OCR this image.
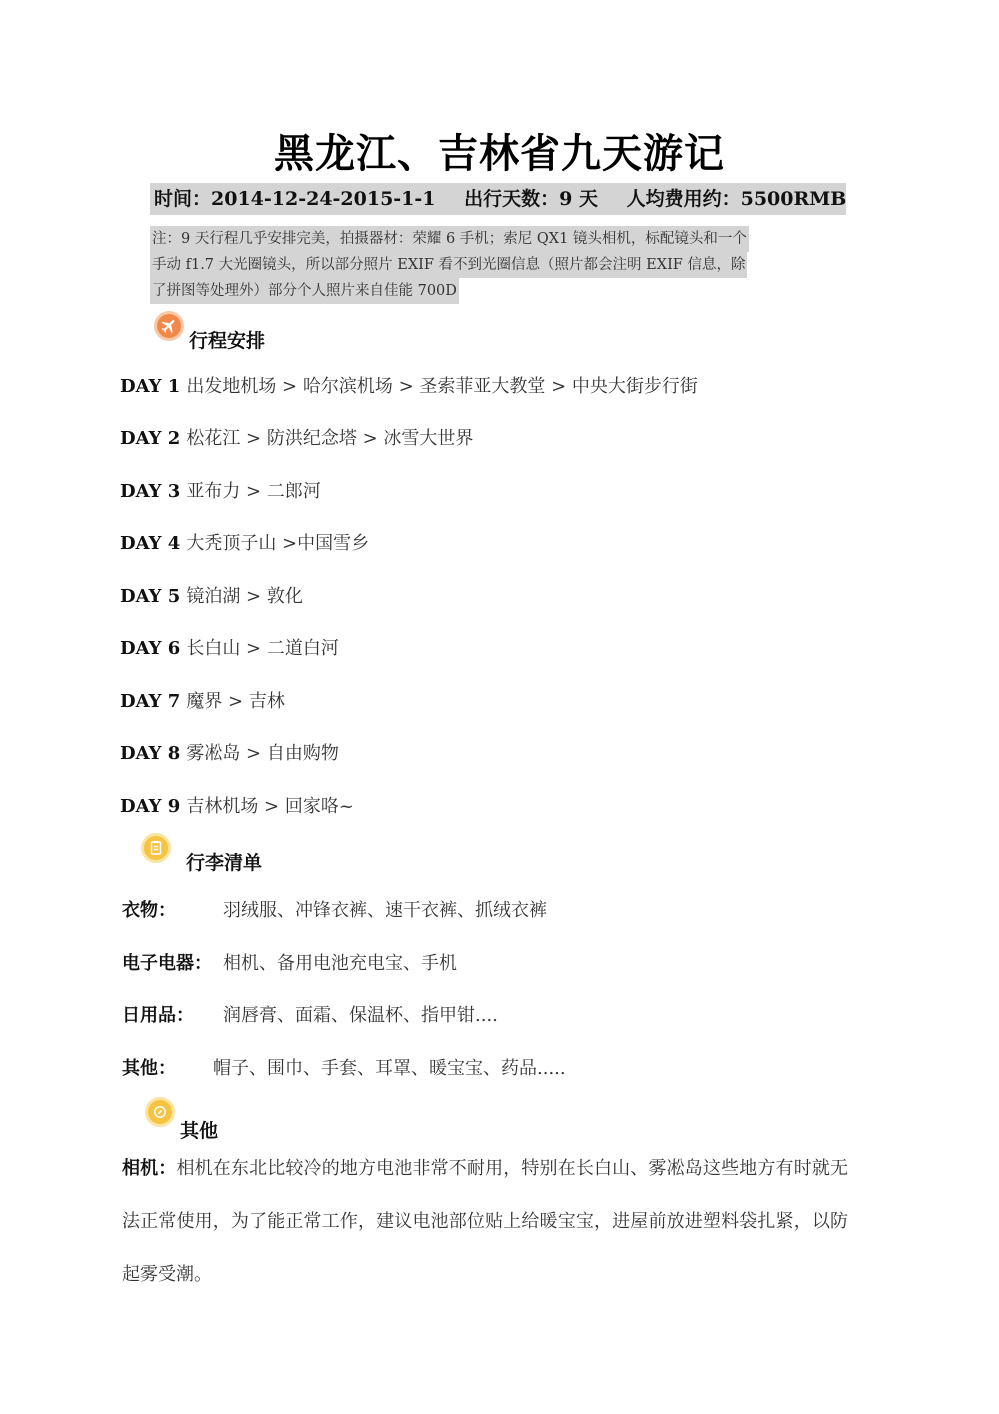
黑龙江、吉林省九天游记
时间：2014-12-24-2015-1-1 出行天数：9 天 人均费用约：5500RMB
注：9 天行程几乎安排完美，拍摄器材：荣耀 6 手机；索尼 QX1 镜头相机，标配镜头和一个
手动 f1.7 大光圈镜头，所以部分照片 EXIF 看不到光圈信息（照片都会注明 EXIF 信息，除
了拼图等处理外）部分个人照片来自佳能 700D
行程安排
DAY 1 出发地机场 > 哈尔滨机场 > 圣索菲亚大教堂 > 中央大街步行街
DAY 2 松花江 > 防洪纪念塔 > 冰雪大世界
DAY 3 亚布力 > 二郎河
DAY 4 大秃顶子山 >中国雪乡
DAY 5 镜泊湖 > 敦化
DAY 6 长白山 > 二道白河
DAY 7 魔界 > 吉林
DAY 8 雾凇岛 > 自由购物
DAY 9 吉林机场 > 回家咯~
行李清单
衣物：	羽绒服、冲锋衣裤、速干衣裤、抓绒衣裤
电子电器： 相机、备用电池充电宝、手机
日用品： 润唇膏、面霜、保温杯、指甲钳....
其他： 帽子、围巾、手套、耳罩、暖宝宝、药品.....
其他
相机：相机在东北比较冷的地方电池非常不耐用，特别在长白山、雾凇岛这些地方有时就无法正常使用，为了能正常工作，建议电池部位贴上给暖宝宝，进屋前放进塑料袋扎紧，以防起雾受潮。
